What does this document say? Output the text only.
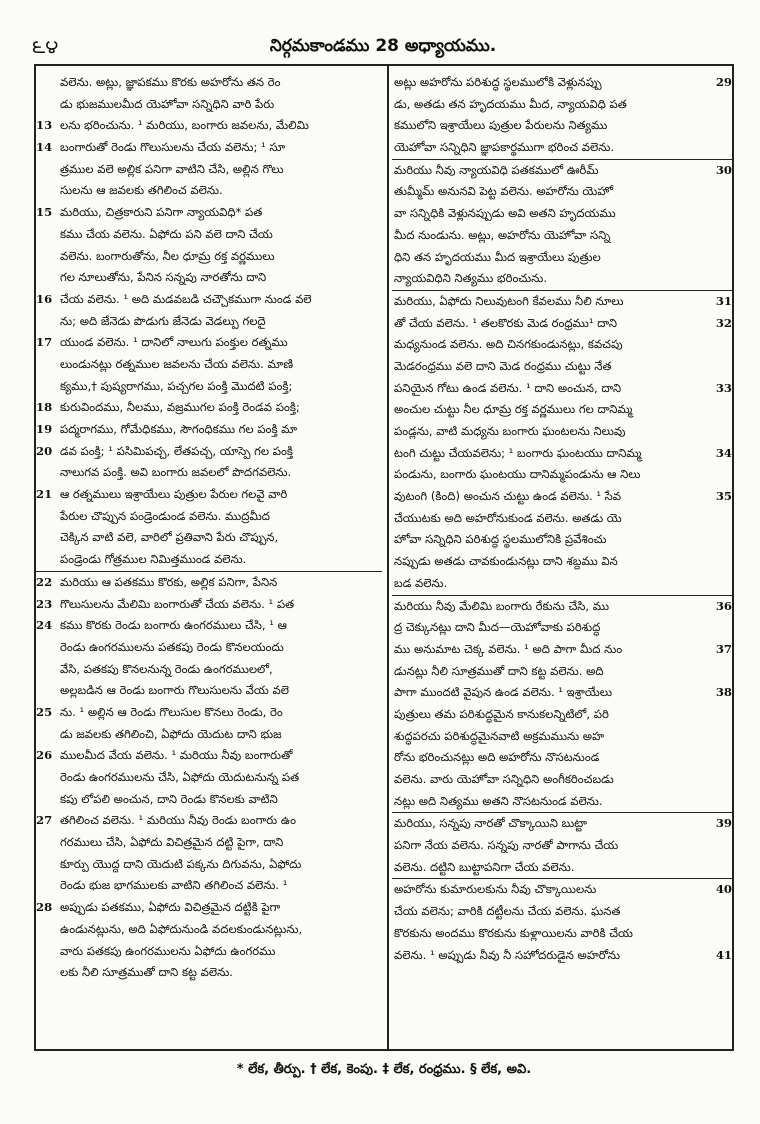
౬౪	నిర్గమకాండము 28 అధ్యాయము.
వలెను. అట్లు, జ్ఞాపకము కొరకు అహరోను తన రెం
డు భుజములమీద యెహోవా సన్నిధిని వారి పేరు
13 లను భరించును. ¹ మరియు, బంగారు జవలను, మేలిమి
14 బంగారుతో రెండు గొలుసులను చేయ వలెను; ¹ సూ
త్రముల వలె అల్లిక పనిగా వాటిని చేసి, అల్లిన గొలు
సులను ఆ జవలకు తగిలించ వలెను.
15 మరియు, చిత్రకారుని పనిగా న్యాయవిధి* పత
కము చేయ వలెను. ఏఫోదు పని వలె దాని చేయ
వలెను. బంగారుతోను, నీల ధూమ్ర రక్త వర్ణములు
గల నూలుతోను, పేనిన సన్నపు నారతోను దాని
16 చేయ వలెను. ¹ అది మడవబడి చచ్చౌకముగా నుండ వలె
ను; అది జేనెడు పొడుగు జేనెడు వెడల్పు గలదై
17 యుండ వలెను. ¹ దానిలో నాలుగు పంక్తుల రత్నము
లుండునట్లు రత్నముల జవలను చేయ వలెను. మాణి
క్యము,† పుష్యరాగము, పచ్చగల పంక్తి మొదటి పంక్తి;
18 కురువిందము, నీలము, వజ్రముగల పంక్తి రెండవ పంక్తి;
19 పద్మరాగము, గోమేధికము, సౌగంధికము గల పంక్తి మా
20 డవ పంక్తి; ¹ పసిమిపచ్చ, లేతపచ్చ, యాస్పె గల పంక్తి
నాలుగవ పంక్తి. అవి బంగారు జవలలో పొదగవలెను.
21 ఆ రత్నములు ఇశ్రాయేలు పుత్రుల పేరుల గలవై వారి
పేరుల చొప్పున పండ్రెండుండ వలెను. ముద్రమీద
చెక్కిన వాటి వలె, వారిలో ప్రతివాని పేరు చొప్పున,
పండ్రెండు గోత్రముల నిమిత్తముండ వలెను.
22 మరియు ఆ పతకము కొరకు, అల్లిక పనిగా, పేనిన
23 గొలుసులను మేలిమి బంగారుతో చేయ వలెను. ¹ పత
24 కము కొరకు రెండు బంగారు ఉంగరములు చేసి, ¹ ఆ
రెండు ఉంగరములను పతకపు రెండు కొనలయందు
వేసి, పతకపు కొనలనున్న రెండు ఉంగరములలో,
అల్లబడిన ఆ రెండు బంగారు గొలుసులను వేయ వలె
25 ను. ¹ అల్లిన ఆ రెండు గొలుసుల కొనలు రెండు, రెం
డు జవలకు తగిలించి, ఏఫోదు యెదుట దాని భుజ
26 ములమీద వేయ వలెను. ¹ మరియు నీవు బంగారుతో
రెండు ఉంగరములను చేసి, ఏఫోదు యెదుటనున్న పత
కపు లోపలి అంచున, దాని రెండు కొనలకు వాటిని
27 తగిలించ వలెను. ¹ మరియు నీవు రెండు బంగారు ఉం
గరములు చేసి, ఏఫోదు విచిత్రమైన దట్టి పైగా, దాని
కూర్పు యొద్ద దాని యెదుటి పక్కను దిగువను, ఏఫోదు
రెండు భుజ భాగములకు వాటిని తగిలించ వలెను. ¹
28 అప్పుడు పతకము, ఏఫోదు విచిత్రమైన దట్టికి పైగా
ఉండునట్లును, అది ఏఫోదునుండి వదలకుండునట్లును,
వారు పతకపు ఉంగరములను ఏఫోదు ఉంగరము
లకు నీలి సూత్రముతో దాని కట్ట వలెను.
29
అట్లు అహరోను పరిశుద్ధ స్థలములోకి వెళ్లునప్పు
డు, అతడు తన హృదయము మీద, న్యాయవిధి పత
కములోని ఇశ్రాయేలు పుత్రుల పేరులను నిత్యము
యెహోవా సన్నిధిని జ్ఞాపకార్థముగా భరించ వలెను.
30
మరియు నీవు న్యాయవిధి పతకములో ఊరీమ్
తుమ్మీమ్ అనునవి పెట్ట వలెను. అహరోను యెహో
వా సన్నిధికి వెళ్లునప్పుడు అవి అతని హృదయము
మీద నుండును. అట్లు, అహరోను యెహోవా సన్ని
ధిని తన హృదయము మీద ఇశ్రాయేలు పుత్రుల
న్యాయవిధిని నిత్యము భరించును.
31
మరియు, ఏఫోదు నిలువుటంగి కేవలము నీలి నూలు
32
తో చేయ వలెను. ¹ తలకొరకు మెడ రంధ్రము¹ దాని
మధ్యనుండ వలెను. అది చినగకుండునట్లు, కవచపు
మెడరంధ్రము వలె దాని మెడ రంధ్రము చుట్టు నేత
33
పనియైన గోటు ఉండ వలెను. ¹ దాని అంచున, దాని
అంచుల చుట్టు నీల ధూమ్ర రక్త వర్ణములు గల దానిమ్మ
పండ్లను, వాటి మధ్యను బంగారు ఘంటలను నిలువు
34
టంగి చుట్టు చేయవలెను; ¹ బంగారు ఘంటయు దానిమ్మ
పండును, బంగారు ఘంటయు దానిమ్మపండును ఆ నిలు
35
వుటంగి (కింది) అంచున చుట్టు ఉండ వలెను. ¹ సేవ
చేయుటకు అది అహరోనుకుండ వలెను. అతడు యె
హోవా సన్నిధిని పరిశుద్ధ స్థలములోనికి ప్రవేశించు
నప్పుడు అతడు చావకుండునట్లు దాని శబ్దము విన
బడ వలెను.
36
మరియు నీవు మేలిమి బంగారు రేకును చేసి, ము
ద్ర చెక్కునట్లు దాని మీద—యెహోవాకు పరిశుద్ధ
37
ము అనుమాట చెక్క వలెను. ¹ అది పాగా మీద నుం
డునట్లు నీలి సూత్రముతో దాని కట్ట వలెను. అది
38
పాగా ముందటి వైపున ఉండ వలెను. ¹ ఇశ్రాయేలు
పుత్రులు తమ పరిశుద్ధమైన కానుకలన్నిటిలో, పరి
శుద్ధపరచు పరిశుద్ధమైనవాటి అక్రమమును అహ
రోను భరించునట్లు అది అహరోను నొసటనుండ
వలెను. వారు యెహోవా సన్నిధిని అంగీకరించబడు
నట్లు అది నిత్యము అతని నొసటనుండ వలెను.
39
మరియు, సన్నపు నారతో చొక్కాయిని బుట్టా
పనిగా నేయ వలెను. సన్నపు నారతో పాగాను చేయ
వలెను. దట్టిని బుట్టాపనిగా చేయ వలెను.
40
అహరోను కుమారులకును నీవు చొక్కాయిలను
చేయ వలెను; వారికి దట్టీలను చేయ వలెను. ఘనత
కొరకును అందము కొరకును కుళ్లాయిలను వారికి చేయ
41
వలెను. ¹ అప్పుడు నీవు నీ సహోదరుడైన అహరోను
* లేక, తీర్పు. † లేక, కెంపు. ‡ లేక, రంధ్రము. § లేక, అవి.
